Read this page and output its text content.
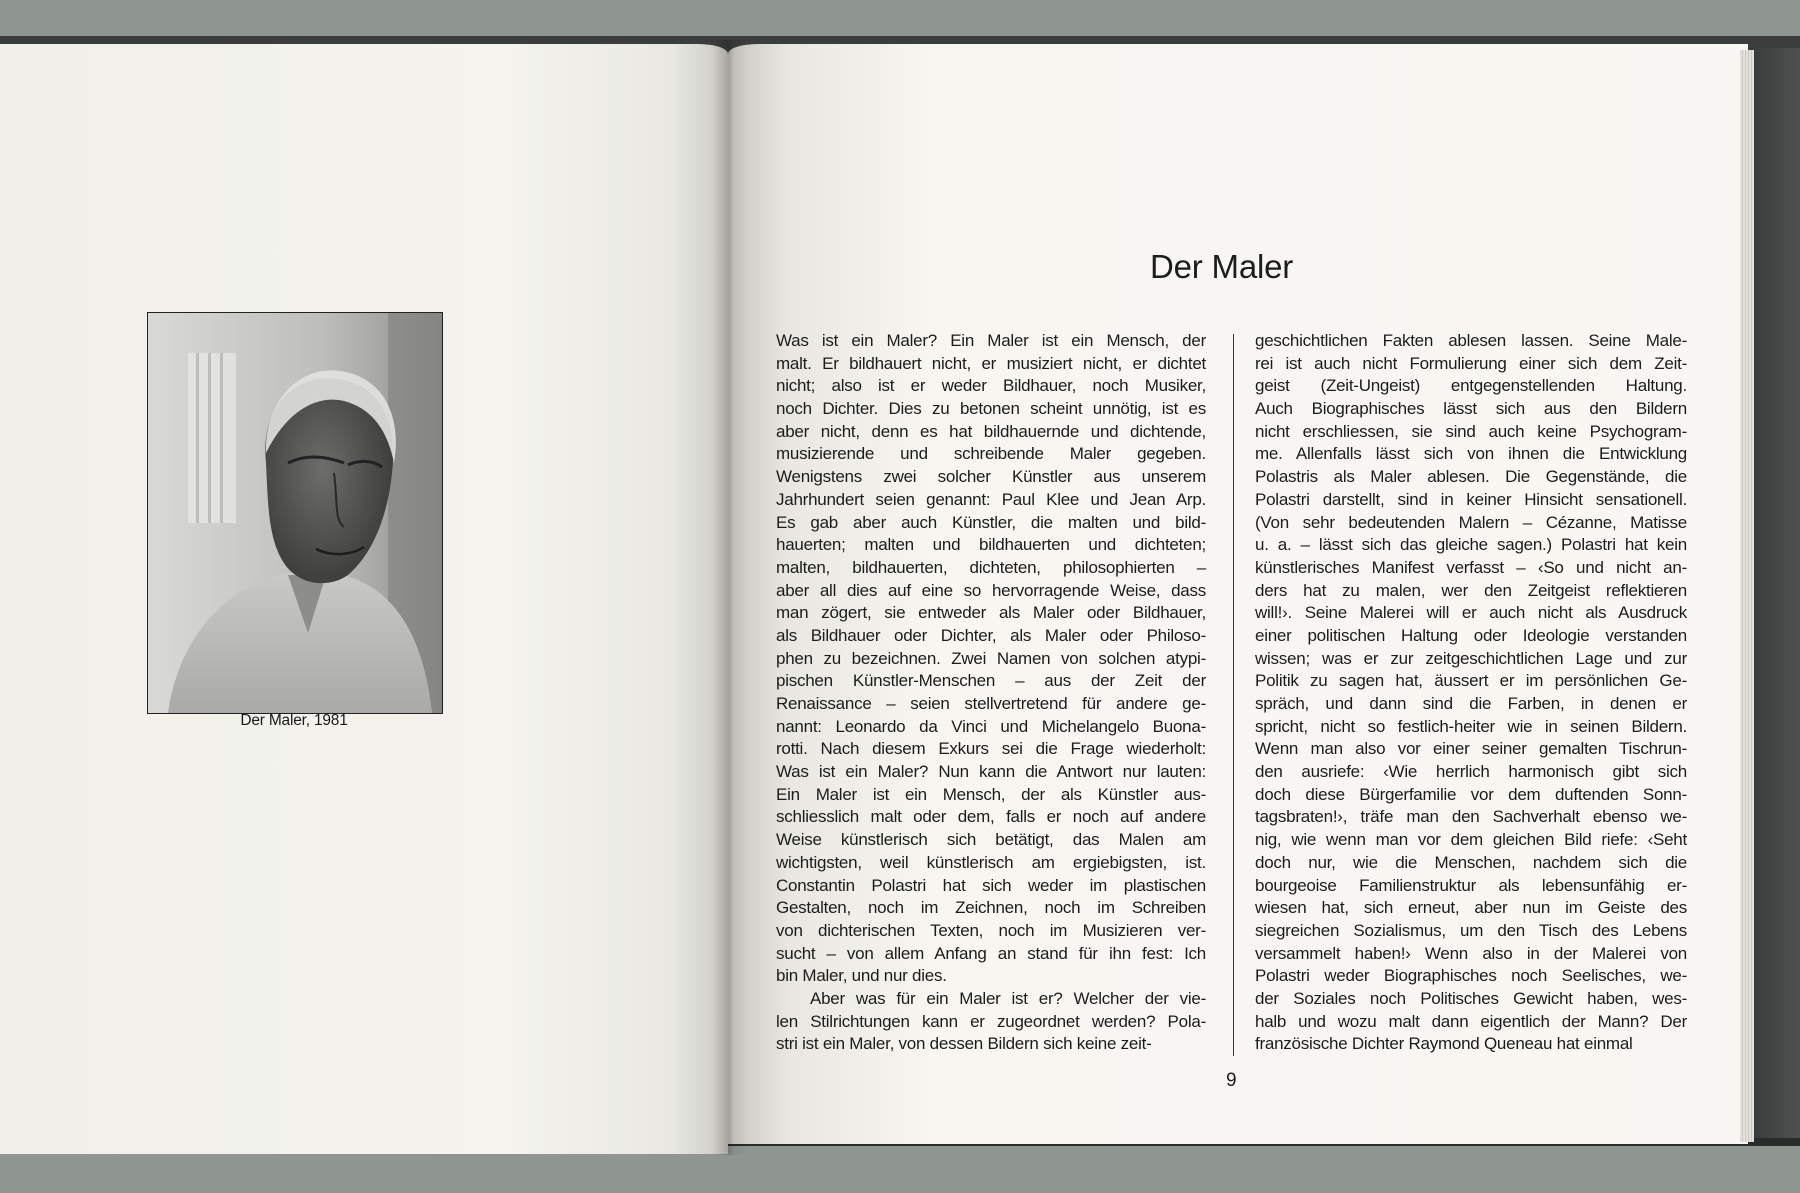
Der Maler, 1981
Der Maler
Was ist ein Maler? Ein Maler ist ein Mensch, der
malt. Er bildhauert nicht, er musiziert nicht, er dichtet
nicht; also ist er weder Bildhauer, noch Musiker,
noch Dichter. Dies zu betonen scheint unnötig, ist es
aber nicht, denn es hat bildhauernde und dichtende,
musizierende und schreibende Maler gegeben.
Wenigstens zwei solcher Künstler aus unserem
Jahrhundert seien genannt: Paul Klee und Jean Arp.
Es gab aber auch Künstler, die malten und bild-
hauerten; malten und bildhauerten und dichteten;
malten, bildhauerten, dichteten, philosophierten –
aber all dies auf eine so hervorragende Weise, dass
man zögert, sie entweder als Maler oder Bildhauer,
als Bildhauer oder Dichter, als Maler oder Philoso-
phen zu bezeichnen. Zwei Namen von solchen atypi-
pischen Künstler-Menschen – aus der Zeit der
Renaissance – seien stellvertretend für andere ge-
nannt: Leonardo da Vinci und Michelangelo Buona-
rotti. Nach diesem Exkurs sei die Frage wiederholt:
Was ist ein Maler? Nun kann die Antwort nur lauten:
Ein Maler ist ein Mensch, der als Künstler aus-
schliesslich malt oder dem, falls er noch auf andere
Weise künstlerisch sich betätigt, das Malen am
wichtigsten, weil künstlerisch am ergiebigsten, ist.
Constantin Polastri hat sich weder im plastischen
Gestalten, noch im Zeichnen, noch im Schreiben
von dichterischen Texten, noch im Musizieren ver-
sucht – von allem Anfang an stand für ihn fest: Ich
bin Maler, und nur dies.
Aber was für ein Maler ist er? Welcher der vie-
len Stilrichtungen kann er zugeordnet werden? Pola-
stri ist ein Maler, von dessen Bildern sich keine zeit-
geschichtlichen Fakten ablesen lassen. Seine Male-
rei ist auch nicht Formulierung einer sich dem Zeit-
geist (Zeit-Ungeist) entgegenstellenden Haltung.
Auch Biographisches lässt sich aus den Bildern
nicht erschliessen, sie sind auch keine Psychogram-
me. Allenfalls lässt sich von ihnen die Entwicklung
Polastris als Maler ablesen. Die Gegenstände, die
Polastri darstellt, sind in keiner Hinsicht sensationell.
(Von sehr bedeutenden Malern – Cézanne, Matisse
u. a. – lässt sich das gleiche sagen.) Polastri hat kein
künstlerisches Manifest verfasst – ‹So und nicht an-
ders hat zu malen, wer den Zeitgeist reflektieren
will!›. Seine Malerei will er auch nicht als Ausdruck
einer politischen Haltung oder Ideologie verstanden
wissen; was er zur zeitgeschichtlichen Lage und zur
Politik zu sagen hat, äussert er im persönlichen Ge-
spräch, und dann sind die Farben, in denen er
spricht, nicht so festlich-heiter wie in seinen Bildern.
Wenn man also vor einer seiner gemalten Tischrun-
den ausriefe: ‹Wie herrlich harmonisch gibt sich
doch diese Bürgerfamilie vor dem duftenden Sonn-
tagsbraten!›, träfe man den Sachverhalt ebenso we-
nig, wie wenn man vor dem gleichen Bild riefe: ‹Seht
doch nur, wie die Menschen, nachdem sich die
bourgeoise Familienstruktur als lebensunfähig er-
wiesen hat, sich erneut, aber nun im Geiste des
siegreichen Sozialismus, um den Tisch des Lebens
versammelt haben!› Wenn also in der Malerei von
Polastri weder Biographisches noch Seelisches, we-
der Soziales noch Politisches Gewicht haben, wes-
halb und wozu malt dann eigentlich der Mann? Der
französische Dichter Raymond Queneau hat einmal
9
